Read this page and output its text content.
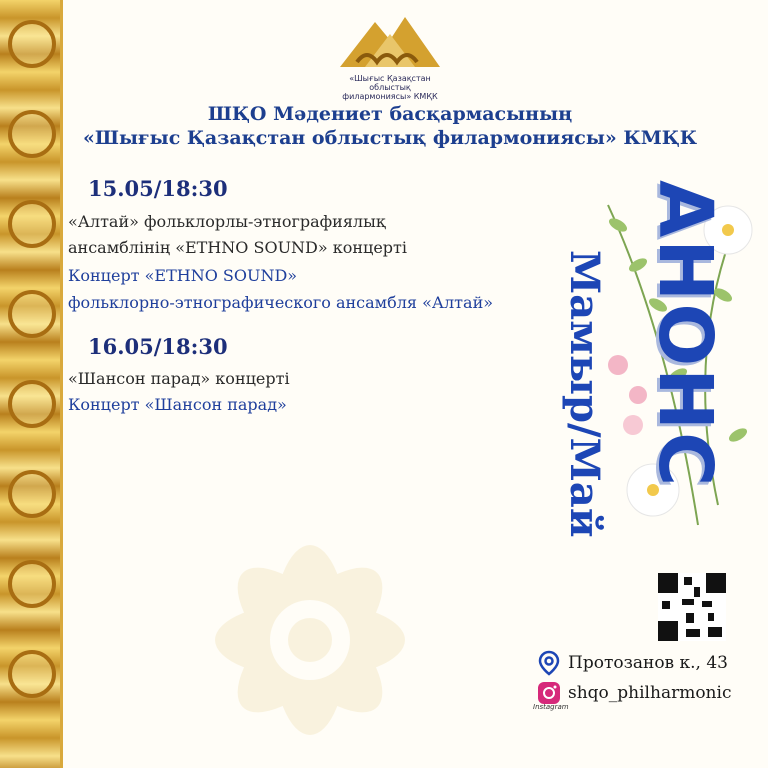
«Шығыс Қазақстан облыстық
филармониясы» КМҚК
ШҚО Мәдениет басқармасының
«Шығыс Қазақстан облыстық филармониясы» КМҚК
15.05/18:30
«Алтай» фольклорлы-этнографиялық
ансамблінің «ETHNO SOUND» концерті
Концерт «ETHNO SOUND»
фольклорно-этнографического ансамбля «Алтай»
16.05/18:30
«Шансон парад» концерті
Концерт «Шансон парад»	АНОНС
Мамыр/Май
Протозанов к., 43
shqo_philharmonic
Instagram
